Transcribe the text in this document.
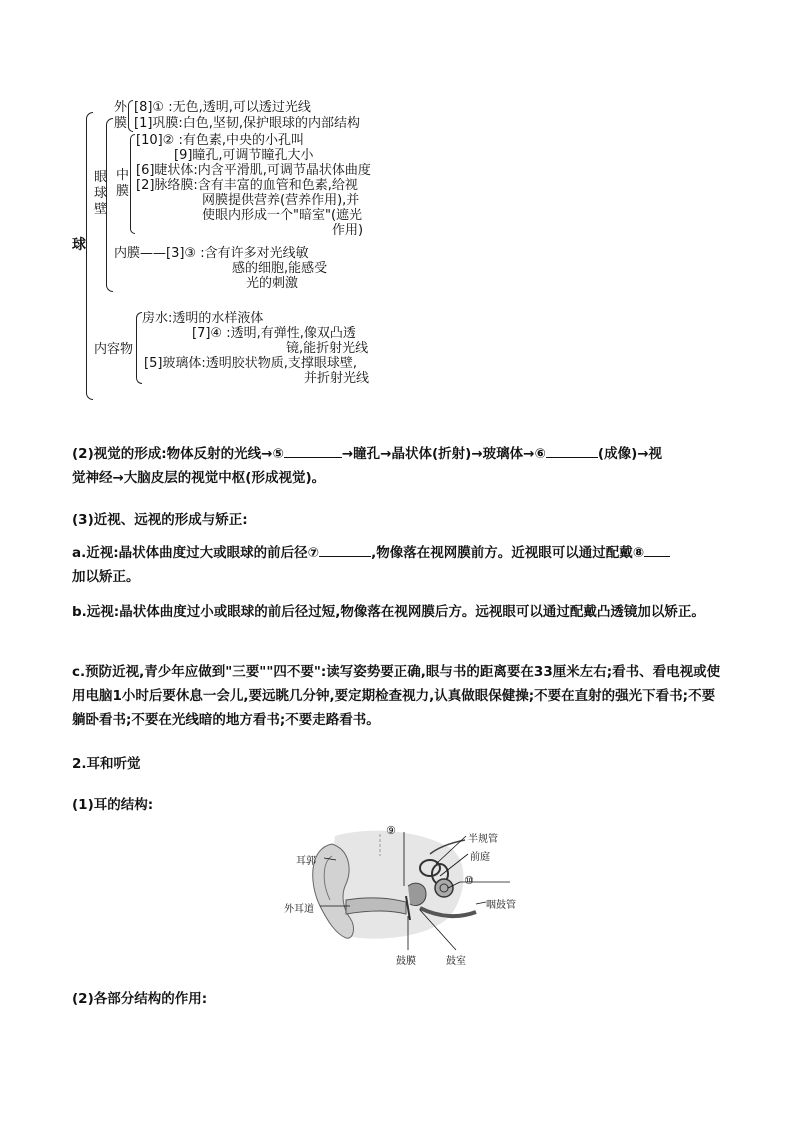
球
眼
球
壁
外
膜
[8]① :无色,透明,可以透过光线
[1]巩膜:白色,坚韧,保护眼球的内部结构
中
膜
[10]② :有色素,中央的小孔叫
[9]瞳孔,可调节瞳孔大小
[6]睫状体:内含平滑肌,可调节晶状体曲度
[2]脉络膜:含有丰富的血管和色素,给视
网膜提供营养(营养作用),并
使眼内形成一个"暗室"(遮光
作用)
内膜——[3]③ :含有许多对光线敏
感的细胞,能感受
光的刺激
内容物
房水:透明的水样液体
[7]④ :透明,有弹性,像双凸透
镜,能折射光线
[5]玻璃体:透明胶状物质,支撑眼球壁,
并折射光线
(2)视觉的形成:物体反射的光线→⑤	→瞳孔→晶状体(折射)→玻璃体→⑥	(成像)→视
觉神经→大脑皮层的视觉中枢(形成视觉)。
(3)近视、远视的形成与矫正:
a.近视:晶状体曲度过大或眼球的前后径⑦	,物像落在视网膜前方。近视眼可以通过配戴⑧
加以矫正。
b.远视:晶状体曲度过小或眼球的前后径过短,物像落在视网膜后方。远视眼可以通过配戴凸透镜加以矫正。
c.预防近视,青少年应做到"三要""四不要":读写姿势要正确,眼与书的距离要在33厘米左右;看书、看电视或使用电脑1小时后要休息一会儿,要远眺几分钟,要定期检查视力,认真做眼保健操;不要在直射的强光下看书;不要躺卧看书;不要在光线暗的地方看书;不要走路看书。
2.耳和听觉
(1)耳的结构:
⑨
半规管
前庭
⑩
耳郭
外耳道	咽鼓管
鼓膜	鼓室
(2)各部分结构的作用:
